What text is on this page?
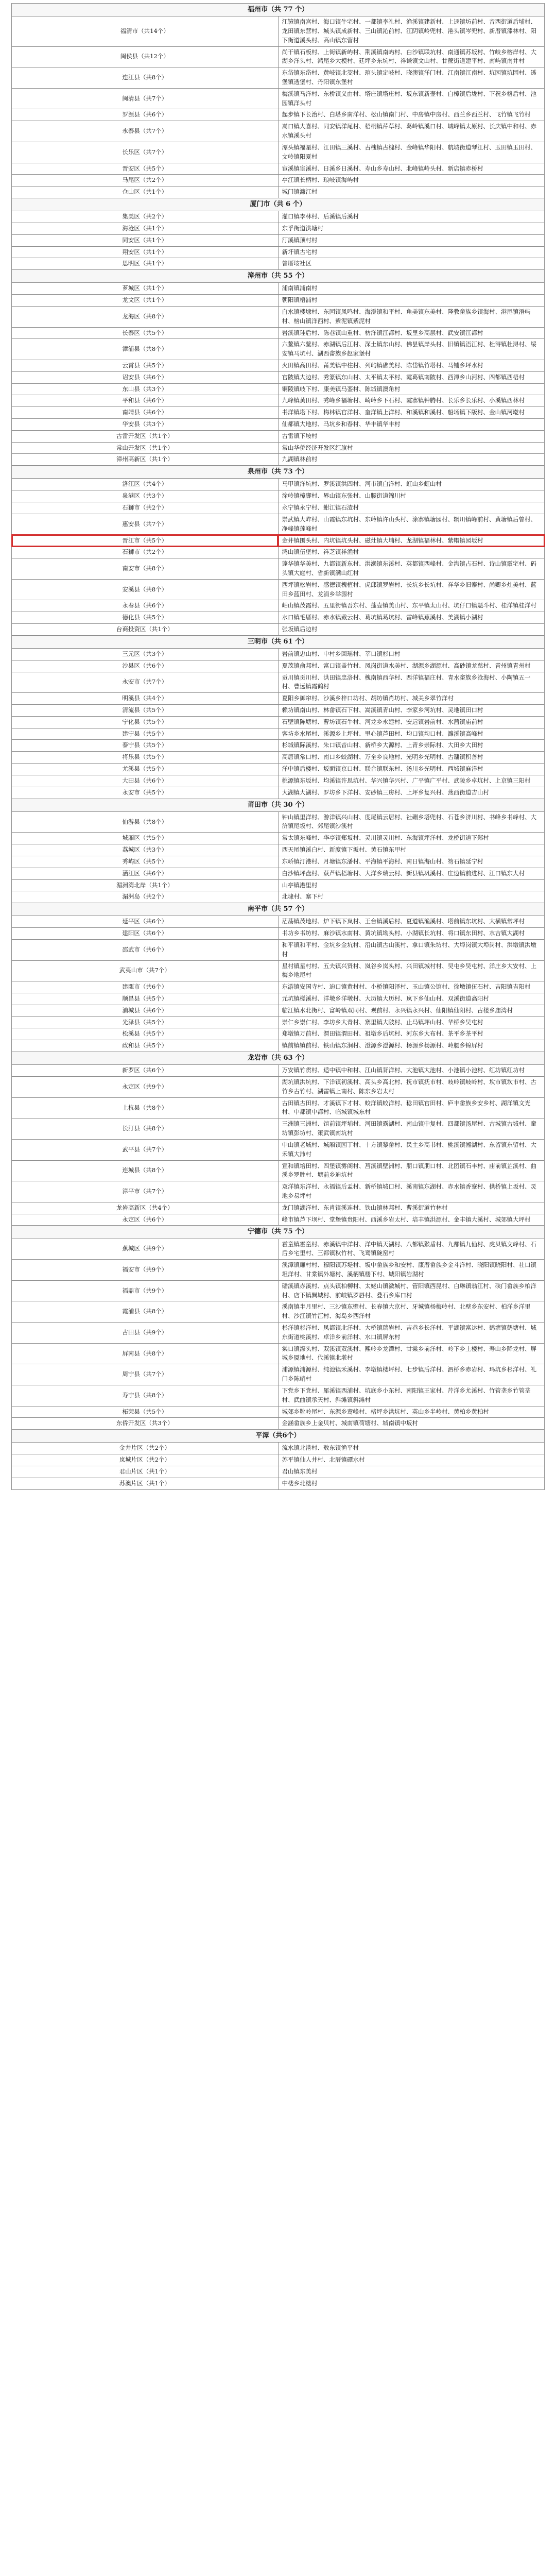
福州市（共 77 个）	
福清市（共14个）	江镜镇南宫村、海口镇牛宅村、一都镇李礼村、渔溪镇建新村、上迳镇坊前村、音西街道后埔村、龙田镇东营村、城头镇成新村、三山镇沁前村、江阴镇岭兜村、港头镇岑兜村、新厝镇漆林村、阳下街道溪头村、高山镇东营村
闽侯县（共12个）	尚干镇石板村、上街镇新屿村、荆溪镇南屿村、白沙镇联坑村、南通镇苏坂村、竹岐乡榕岸村、大湖乡洋头村、鸿尾乡大模村、廷坪乡东坑村、祥谦镇文山村、甘蔗街道建平村、南屿镇南井村
连江县（共8个）	东岱镇东岱村、黄岐镇北茭村、琯头镇定岐村、晓澳镇洋门村、江南镇江南村、坑园镇坑园村、透堡镇透堡村、丹阳镇东堡村
闽清县（共7个）	梅溪镇马洋村、东桥镇义由村、塔庄镇塔庄村、坂东镇新壶村、白樟镇后垅村、下祝乡格后村、池园镇洋头村
罗源县（共6个）	起步镇下长治村、白塔乡南洋村、松山镇南门村、中房镇中房村、西兰乡西兰村、飞竹镇飞竹村
永泰县（共7个）	嵩口镇大喜村、同安镇洋尾村、梧桐镇芹草村、葛岭镇溪口村、城峰镇太原村、长庆镇中和村、赤水镇溪头村
长乐区（共7个）	潭头镇福星村、江田镇三溪村、古槐镇古槐村、金峰镇华阳村、航城街道琴江村、玉田镇玉田村、文岭镇阳夏村
晋安区（共5个）	宦溪镇宦溪村、日溪乡日溪村、寿山乡寿山村、北峰镇岭头村、新店镇赤桥村
马尾区（共2个）	亭江镇长柄村、琅岐镇海屿村
仓山区（共1个）	城门镇濂江村
厦门市（共 6 个）	
集美区（共2个）	灌口镇李林村、后溪镇后溪村
海沧区（共1个）	东孚街道洪塘村
同安区（共1个）	汀溪镇顶村村
翔安区（共1个）	新圩镇古宅村
思明区（共1个）	曾厝垵社区
漳州市（共 55 个）	
芗城区（共1个）	浦南镇浦南村
龙文区（共1个）	朝阳镇梧浦村
龙海区（共8个）	白水镇楼埭村、东园镇凤鸣村、海澄镇和平村、角美镇东美村、隆教畲族乡镇海村、港尾镇浯屿村、榜山镇洋西村、紫泥镇紫泥村
长泰区（共5个）	岩溪镇珪后村、陈巷镇山重村、枋洋镇江都村、坂里乡高层村、武安镇江都村
漳浦县（共8个）	六鳌镇六鳌村、赤湖镇后江村、深土镇东山村、佛昙镇岸头村、旧镇镇浯江村、杜浔镇杜浔村、绥安镇马坑村、湖西畲族乡赵家堡村
云霄县（共5个）	火田镇高田村、莆美镇中柱村、列屿镇礁美村、陈岱镇竹塔村、马铺乡坪水村
诏安县（共6个）	官陂镇大边村、秀篆镇东山村、太平镇太平村、霞葛镇南陂村、西潭乡山河村、四都镇西梧村
东山县（共3个）	铜陵镇岐下村、康美镇马銮村、陈城镇澳角村
平和县（共6个）	九峰镇黄田村、秀峰乡福塘村、崎岭乡下石村、霞寨镇钟腾村、长乐乡长乐村、小溪镇西林村
南靖县（共6个）	书洋镇塔下村、梅林镇官洋村、奎洋镇上洋村、和溪镇和溪村、船场镇下版村、金山镇河墘村
华安县（共3个）	仙都镇大地村、马坑乡和春村、华丰镇华丰村
古雷开发区（共1个）	古雷镇下垵村
常山开发区（共1个）	常山华侨经济开发区红旗村
漳州高新区（共1个）	九湖镇林前村
泉州市（共 73 个）	
洛江区（共4个）	马甲镇洋坑村、罗溪镇洪四村、河市镇白洋村、虹山乡虹山村
泉港区（共3个）	涂岭镇樟脚村、界山镇东张村、山腰街道锦川村
石狮市（共2个）	永宁镇永宁村、蚶江镇石渣村
惠安县（共7个）	崇武镇大岞村、山霞镇东坑村、东岭镇许山头村、涂寨镇塘园村、辋川镇峰前村、黄塘镇后曾村、净峰镇莲峰村
晋江市（共5个）	金井镇围头村、内坑镇坑头村、磁灶镇大埔村、龙湖镇福林村、紫帽镇园坂村
石狮市（共2个）	鸿山镇伍堡村、祥芝镇祥渔村
南安市（共8个）	蓬华镇华美村、九都镇新东村、洪濑镇东溪村、英都镇西峰村、金淘镇占石村、诗山镇霞宅村、码头镇大庭村、省新镇满山红村
安溪县（共8个）	西坪镇松岩村、感德镇槐植村、虎邱镇罗岩村、长坑乡长坑村、祥华乡旧寨村、尚卿乡灶美村、蓝田乡蓝田村、龙涓乡举源村
永春县（共6个）	岵山镇茂霞村、五里街镇吾东村、蓬壶镇美山村、东平镇太山村、坑仔口镇魁斗村、桂洋镇桂洋村
德化县（共5个）	水口镇毛厝村、赤水镇戴云村、葛坑镇葛坑村、雷峰镇蕉溪村、美湖镇小湖村
台商投资区（共1个）	张坂镇后边村
三明市（共 61 个）	
三元区（共3个）	岩前镇忠山村、中村乡回瑶村、莘口镇杉口村
沙县区（共6个）	夏茂镇俞邦村、富口镇盖竹村、凤岗街道水美村、湖源乡湖源村、高砂镇龙慈村、青州镇青州村
永安市（共7个）	贡川镇贡川村、洪田镇忠洛村、槐南镇西华村、西洋镇福庄村、青水畲族乡沧海村、小陶镇五一村、曹远镇霞鹤村
明溪县（共4个）	夏阳乡御帘村、沙溪乡梓口坊村、胡坊镇肖坊村、城关乡翠竹洋村
清流县（共5个）	赖坊镇南山村、林畲镇石下村、嵩溪镇青山村、李家乡河坑村、灵地镇田口村
宁化县（共5个）	石壁镇陈塘村、曹坊镇石牛村、河龙乡永建村、安远镇岩前村、水茜镇庙前村
建宁县（共5个）	客坊乡水尾村、溪源乡上坪村、里心镇芦田村、均口镇均口村、濉溪镇高峰村
泰宁县（共5个）	杉城镇际溪村、朱口镇音山村、新桥乡大源村、上青乡崇际村、大田乡大田村
将乐县（共5个）	高唐镇常口村、南口乡蛟湖村、万全乡良地村、光明乡光明村、古镛镇积善村
尤溪县（共5个）	洋中镇后楼村、坂面镇京口村、联合镇联东村、汤川乡光明村、西城镇麻洋村
大田县（共6个）	桃源镇东坂村、均溪镇许思坑村、华兴镇华兴村、广平镇广平村、武陵乡卓坑村、上京镇三阳村
永安市（共5个）	大湖镇大湖村、罗坊乡下洋村、安砂镇三房村、上坪乡复兴村、燕西街道吉山村
莆田市（共 30 个）	
仙游县（共8个）	钟山镇里洋村、游洋镇兴山村、度尾镇云居村、社硎乡塔兜村、石苍乡济川村、书峰乡书峰村、大济镇尾坂村、郊尾镇沙溪村
城厢区（共5个）	常太镇东峰村、华亭镇郑坂村、灵川镇灵川村、东海镇坪洋村、龙桥街道下郑村
荔城区（共3个）	西天尾镇溪白村、新度镇下坂村、黄石镇东甲村
秀屿区（共5个）	东峤镇汀港村、月塘镇东潘村、平海镇平海村、南日镇海山村、笏石镇延宁村
涵江区（共6个）	白沙镇坪盘村、萩芦镇梧塘村、大洋乡瑞云村、新县镇巩溪村、庄边镇前进村、江口镇东大村
湄洲湾北岸（共1个）	山亭镇港里村
湄洲岛（共2个）	北埭村、寨下村
南平市（共 57 个）	
延平区（共6个）	茫荡镇茂地村、炉下镇下岚村、王台镇溪后村、夏道镇渔溪村、塔前镇东坑村、大横镇常坪村
建阳区（共6个）	书坊乡书坊村、麻沙镇水南村、黄坑镇坳头村、小湖镇长坑村、将口镇东田村、水吉镇大湖村
邵武市（共6个）	和平镇和平村、金坑乡金坑村、沿山镇古山溪村、拿口镇朱坊村、大埠岗镇大埠岗村、洪墩镇洪墩村
武夷山市（共7个）	星村镇星村村、五夫镇兴贤村、岚谷乡岚头村、兴田镇城村村、吴屯乡吴屯村、洋庄乡大安村、上梅乡地尾村
建瓯市（共6个）	东游镇安国寺村、迪口镇黄村村、小桥镇阳泽村、玉山镇公馆村、徐墩镇伍石村、吉阳镇吉阳村
顺昌县（共5个）	元坑镇槎溪村、洋墩乡洋墩村、大历镇大历村、岚下乡仙山村、双溪街道高阳村
浦城县（共6个）	临江镇水北街村、富岭镇双同村、观前村、永兴镇永兴村、仙阳镇仙阳村、古楼乡庙湾村
光泽县（共5个）	崇仁乡崇仁村、李坊乡大青村、寨里镇大陂村、止马镇坪山村、华桥乡吴屯村
松溪县（共5个）	郑墩镇万前村、渭田镇渭田村、祖墩乡后坑村、河东乡大布村、茶平乡茶平村
政和县（共5个）	镇前镇镇前村、铁山镇东涧村、澄源乡澄源村、杨源乡杨源村、岭腰乡锦屏村
龙岩市（共 63 个）	
新罗区（共6个）	万安镇竹贯村、适中镇中和村、江山镇背洋村、大池镇大池村、小池镇小池村、红坊镇红坊村
永定区（共9个）	湖坑镇洪坑村、下洋镇初溪村、高头乡高北村、抚市镇抚市村、岐岭镇岐岭村、坎市镇坎市村、古竹乡古竹村、湖雷镇上南村、陈东乡岩太村
上杭县（共8个）	古田镇古田村、才溪镇下才村、蛟洋镇蛟洋村、稔田镇官田村、庐丰畲族乡安乡村、湖洋镇文光村、中都镇中都村、临城镇城东村
长汀县（共8个）	三洲镇三洲村、馆前镇坪埔村、河田镇露湖村、南山镇中复村、四都镇汤屋村、古城镇古城村、童坊镇彭坊村、策武镇南坑村
武平县（共7个）	中山镇老城村、城厢镇园丁村、十方镇黎畲村、民主乡高书村、桃溪镇湘湖村、东留镇东留村、大禾镇大沛村
连城县（共8个）	宣和镇培田村、四堡镇雾阁村、莒溪镇壁洲村、朋口镇朋口村、北团镇石丰村、庙前镇芷溪村、曲溪乡罗胜村、塘前乡迪坑村
漳平市（共7个）	双洋镇东洋村、永福镇后盂村、新桥镇城口村、溪南镇东湖村、赤水镇香寮村、拱桥镇上坂村、灵地乡易坪村
龙岩高新区（共4个）	龙门镇湖洋村、东肖镇溪连村、铁山镇林邦村、曹溪街道竹林村
永定区（共6个）	峰市镇芦下坝村、堂堡镇贵阳村、西溪乡岩太村、培丰镇洪源村、金丰镇大溪村、城郊镇大坪村
宁德市（共 75 个）	
蕉城区（共9个）	霍童镇霍童村、赤溪镇中洋村、洋中镇天湖村、八都镇猴盾村、九都镇九仙村、虎贝镇文峰村、石后乡宅里村、三都镇秋竹村、飞鸾镇碗窑村
福安市（共9个）	溪潭镇廉村村、穆阳镇苏堤村、坂中畲族乡和安村、康厝畲族乡金斗洋村、晓阳镇晓阳村、社口镇坦洋村、甘棠镇外塘村、溪柄镇楼下村、城阳镇岩湖村
福鼎市（共9个）	磻溪镇赤溪村、点头镇柏柳村、太姥山镇潋城村、管阳镇西昆村、白琳镇翁江村、硖门畲族乡柏洋村、店下镇巽城村、前岐镇罗唇村、叠石乡库口村
霞浦县（共8个）	溪南镇半月里村、三沙镇东壁村、长春镇大京村、牙城镇杨梅岭村、北壁乡东安村、柏洋乡洋里村、沙江镇竹江村、海岛乡西洋村
古田县（共9个）	杉洋镇杉洋村、凤都镇北洋村、大桥镇瑞岩村、吉巷乡长洋村、平湖镇富达村、鹤塘镇鹤塘村、城东街道桃溪村、卓洋乡前洋村、水口镇屏东村
屏南县（共8个）	棠口镇漈头村、双溪镇双溪村、熙岭乡龙潭村、甘棠乡前洋村、岭下乡上楼村、寿山乡降龙村、屏城乡厦地村、代溪镇北墘村
周宁县（共7个）	浦源镇浦源村、纯池镇禾溪村、李墩镇楼坪村、七步镇后洋村、泗桥乡赤岩村、玛坑乡杉洋村、礼门乡陈峭村
寿宁县（共8个）	下党乡下党村、犀溪镇西浦村、坑底乡小东村、南阳镇王家村、芹洋乡尤溪村、竹管垄乡竹管垄村、武曲镇承天村、斜滩镇斜滩村
柘荣县（共5个）	城郊乡靴岭尾村、东源乡鸾峰村、楮坪乡洪坑村、英山乡半岭村、黄柏乡黄柏村
东侨开发区（共3个）	金涵畲族乡上金贝村、城南镇荷塘村、城南镇中坂村
平潭（共6个）	
金井片区（共2个）	流水镇北港村、敖东镇渔平村
岚城片区（共2个）	苏平镇仙人井村、北厝镇磹水村
君山片区（共1个）	君山镇东美村
苏澳片区（共1个）	中楼乡北楼村
